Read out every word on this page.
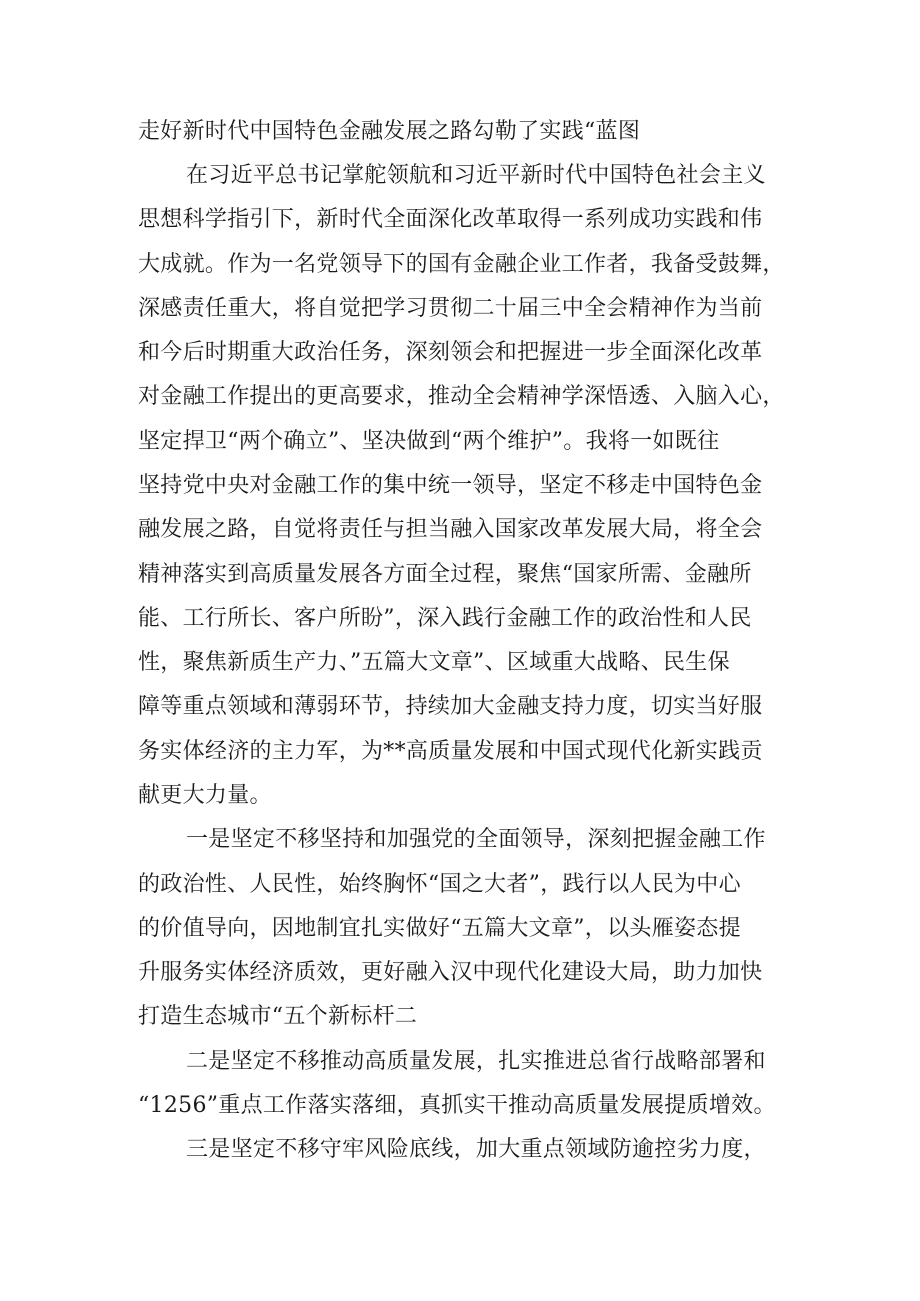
走好新时代中国特色金融发展之路勾勒了实践“蓝图
在习近平总书记掌舵领航和习近平新时代中国特色社会主义
思想科学指引下，新时代全面深化改革取得一系列成功实践和伟
大成就。作为一名党领导下的国有金融企业工作者，我备受鼓舞，
深感责任重大，将自觉把学习贯彻二十届三中全会精神作为当前
和今后时期重大政治任务，深刻领会和把握进一步全面深化改革
对金融工作提出的更高要求，推动全会精神学深悟透、入脑入心，
坚定捍卫“两个确立”、坚决做到“两个维护”。我将一如既往
坚持党中央对金融工作的集中统一领导，坚定不移走中国特色金
融发展之路，自觉将责任与担当融入国家改革发展大局，将全会
精神落实到高质量发展各方面全过程，聚焦“国家所需、金融所
能、工行所长、客户所盼”，深入践行金融工作的政治性和人民
性，聚焦新质生产力、”五篇大文章”、区域重大战略、民生保
障等重点领域和薄弱环节，持续加大金融支持力度，切实当好服
务实体经济的主力军，为**高质量发展和中国式现代化新实践贡
献更大力量。
一是坚定不移坚持和加强党的全面领导，深刻把握金融工作
的政治性、人民性，始终胸怀“国之大者”，践行以人民为中心
的价值导向，因地制宜扎实做好“五篇大文章”，以头雁姿态提
升服务实体经济质效，更好融入汉中现代化建设大局，助力加快
打造生态城市“五个新标杆二
二是坚定不移推动高质量发展，扎实推进总省行战略部署和
“1256”重点工作落实落细，真抓实干推动高质量发展提质增效。
三是坚定不移守牢风险底线，加大重点领域防逾控劣力度，
